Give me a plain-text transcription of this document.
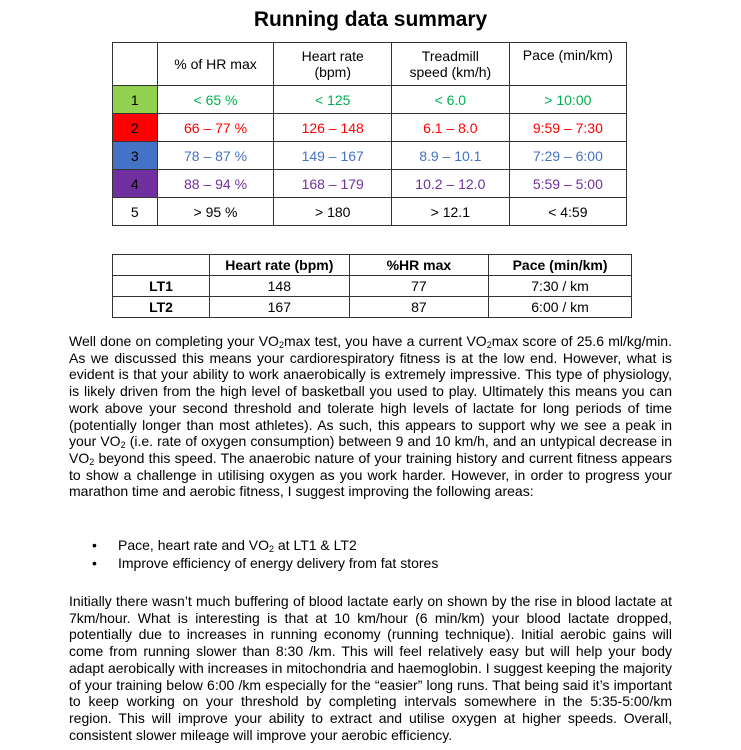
Running data summary
	% of HR max	Heart rate (bpm)	Treadmill speed (km/h)	Pace (min/km)
1	< 65 %	< 125	< 6.0	> 10:00
2	66 – 77 %	126 – 148	6.1 – 8.0	9:59 – 7:30
3	78 – 87 %	149 – 167	8.9 – 10.1	7:29 – 6:00
4	88 – 94 %	168 – 179	10.2 – 12.0	5:59 – 5:00
5	> 95 %	> 180	> 12.1	< 4:59
	Heart rate (bpm)	%HR max	Pace (min/km)
LT1	148	77	7:30 / km
LT2	167	87	6:00 / km
Well done on completing your $VO_2\max$ test, you have a current $VO_2\max$ score of 25.6 ml/kg/min. As we discussed this means your cardiorespiratory fitness is at the low end. However, what is evident is that your ability to work anaerobically is extremely impressive. This type of physiology, is likely driven from the high level of basketball you used to play. Ultimately this means you can work above your second threshold and tolerate high levels of lactate for long periods of time (potentially longer than most athletes). As such, this appears to support why we see a peak in your $VO_2$ (i.e. rate of oxygen consumption) between 9 and 10 km/h, and an untypical decrease in $VO_2$ beyond this speed. The anaerobic nature of your training history and current fitness appears to show a challenge in utilising oxygen as you work harder. However, in order to progress your marathon time and aerobic fitness, I suggest improving the following areas:
• Pace, heart rate and $VO_2$ at LT1 & LT2
• Improve efficiency of energy delivery from fat stores
Initially there wasn’t much buffering of blood lactate early on shown by the rise in blood lactate at 7km/hour. What is interesting is that at 10 km/hour (6 min/km) your blood lactate dropped, potentially due to increases in running economy (running technique). Initial aerobic gains will come from running slower than 8:30 /km. This will feel relatively easy but will help your body adapt aerobically with increases in mitochondria and haemoglobin. I suggest keeping the majority of your training below 6:00 /km especially for the “easier” long runs. That being said it’s important to keep working on your threshold by completing intervals somewhere in the 5:35-5:00/km region. This will improve your ability to extract and utilise oxygen at higher speeds. Overall, consistent slower mileage will improve your aerobic efficiency.
